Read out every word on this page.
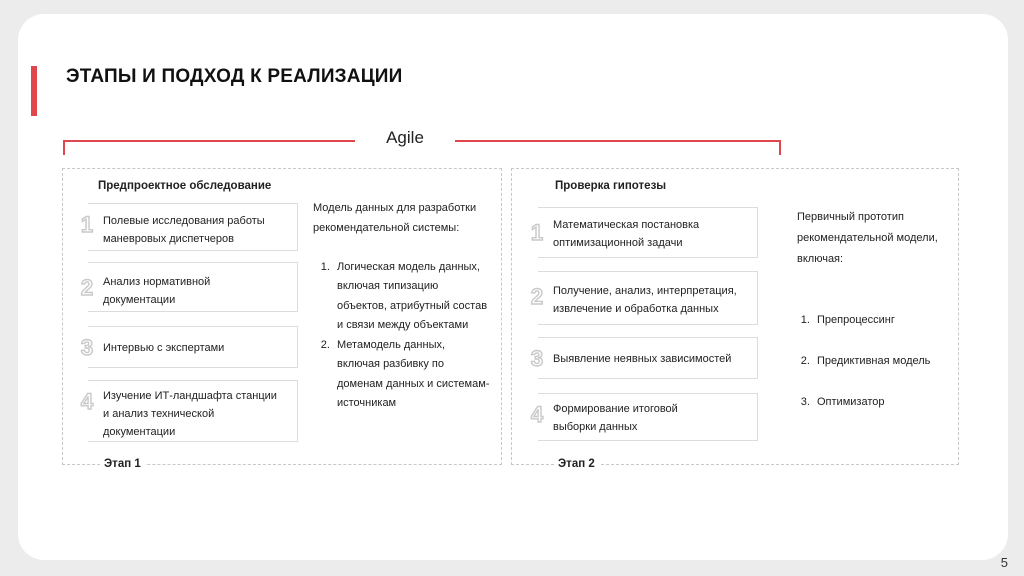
ЭТАПЫ И ПОДХОД К РЕАЛИЗАЦИИ
Agile
Предпроектное обследование
Этап 1
1 Полевые исследования работы маневровых диспетчеров
2 Анализ нормативной документации
3 Интервью с экспертами
4 Изучение ИТ-ландшафта станции и анализ технической документации
Модель данных для разработки рекомендательной системы:
1. Логическая модель данных, включая типизацию объектов, атрибутный состав и связи между объектами
2. Метамодель данных, включая разбивку по доменам данных и системам-источникам
Проверка гипотезы
Этап 2
1 Математическая постановка оптимизационной задачи
2 Получение, анализ, интерпретация, извлечение и обработка данных
3 Выявление неявных зависимостей
4 Формирование итоговой выборки данных
Первичный прототип рекомендательной модели, включая:
1. Препроцессинг
2. Предиктивная модель
3. Оптимизатор
5
